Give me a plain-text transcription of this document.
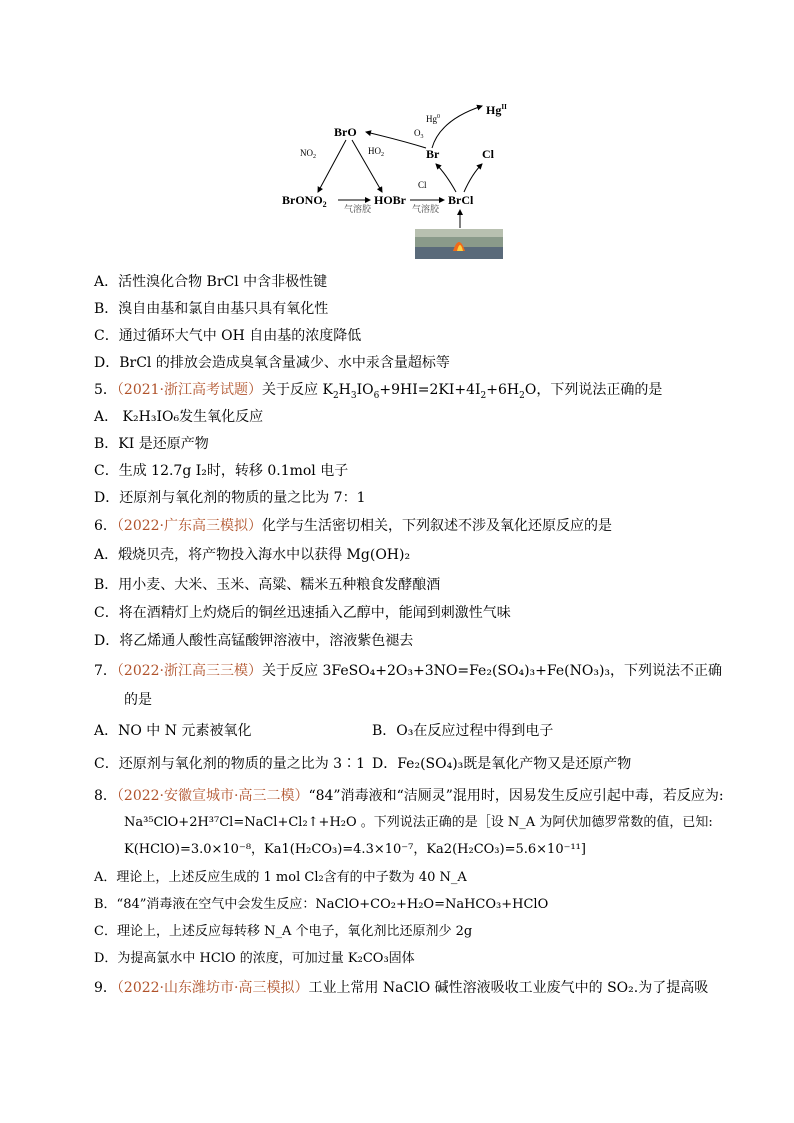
BrO
Hg$^0$	$Hg^{II}$
$O_3$
Br	Cl
$NO_2$
$HO_2$
BrONO$_2$	HOBr	BrCl
Cl
气溶胶	气溶胶
A．活性溴化合物 BrCl 中含非极性键
B．溴自由基和氯自由基只具有氧化性
C．通过循环大气中 OH 自由基的浓度降低
D．BrCl 的排放会造成臭氧含量减少、水中汞含量超标等
5．（2021·浙江高考试题）关于反应 $K_2H_3IO_6+9HI=2KI+4I_2+6H_2O$，下列说法正确的是
A． K₂H₃IO₆发生氧化反应
B．KI 是还原产物
C．生成 12.7g I₂时，转移 0.1mol 电子
D．还原剂与氧化剂的物质的量之比为 7：1
6．（2022·广东高三模拟）化学与生活密切相关，下列叙述不涉及氧化还原反应的是
A．煅烧贝壳，将产物投入海水中以获得 Mg(OH)₂
B．用小麦、大米、玉米、高粱、糯米五种粮食发酵酿酒
C．将在酒精灯上灼烧后的铜丝迅速插入乙醇中，能闻到刺激性气味
D．将乙烯通人酸性高锰酸钾溶液中，溶液紫色褪去
7．（2022·浙江高三三模）关于反应 3FeSO₄+2O₃+3NO=Fe₂(SO₄)₃+Fe(NO₃)₃，下列说法不正确
的是
A．NO 中 N 元素被氧化	B．O₃在反应过程中得到电子
C．还原剂与氧化剂的物质的量之比为 3∶1 D．Fe₂(SO₄)₃既是氧化产物又是还原产物
8．（2022·安徽宣城市·高三二模）“84”消毒液和“洁厕灵”混用时，因易发生反应引起中毒，若反应为:
Na³⁵ClO+2H³⁷Cl=NaCl+Cl₂↑+H₂O 。下列说法正确的是［设 N_A 为阿伏加德罗常数的值，已知:
K(HClO)=3.0×10⁻⁸，Ka1(H₂CO₃)=4.3×10⁻⁷，Ka2(H₂CO₃)=5.6×10⁻¹¹]
A．理论上，上述反应生成的 1 mol Cl₂含有的中子数为 40 N_A
B．“84”消毒液在空气中会发生反应：NaClO+CO₂+H₂O=NaHCO₃+HClO
C．理论上，上述反应每转移 N_A 个电子，氧化剂比还原剂少 2g
D．为提高氯水中 HClO 的浓度，可加过量 K₂CO₃固体
9．（2022·山东潍坊市·高三模拟）工业上常用 NaClO 碱性溶液吸收工业废气中的 SO₂.为了提高吸
